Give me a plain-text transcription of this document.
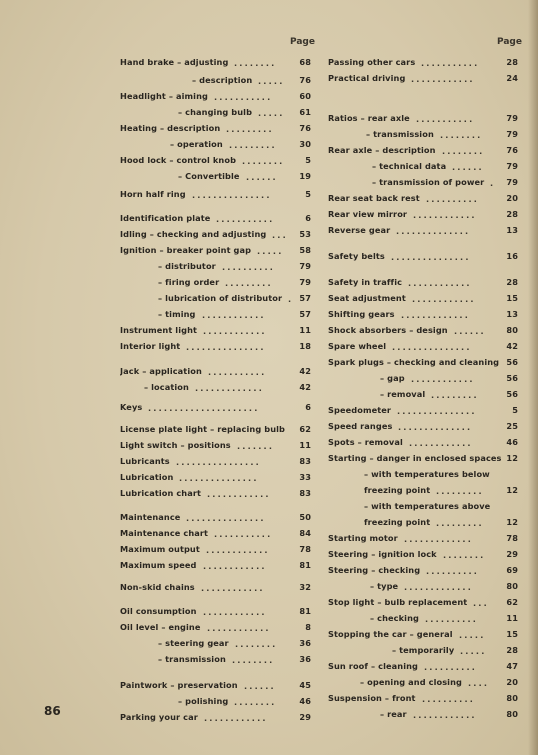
Page	Page
Hand brake – adjusting	68
........
– description	76
.....
Headlight – aiming	60
...........
– changing bulb	61
.....
Heating – description	76
.........
– operation	30
.........
Hood lock – control knob	5
........
– Convertible	19
......
Horn half ring	5
...............
Identification plate	6
...........
Idling – checking and adjusting	53
...
Ignition – breaker point gap	58
.....
– distributor	79
..........
– firing order	79
.........
– lubrication of distributor 57
.
– timing	57
............
Instrument light	11
............
Interior light	18
...............
Jack – application	42
...........
– location	42
.............
Keys	6
.....................
License plate light – replacing bulb 62
Light switch – positions	11
.......
Lubricants	83
................
Lubrication	33
...............
Lubrication chart	83
............
Maintenance	50
...............
Maintenance chart	84
...........
Maximum output	78
............
Maximum speed	81
............
Non-skid chains	32
............
Oil consumption	81
............
Oil level – engine	8
............
– steering gear	36
........
– transmission	36
........
Paintwork – preservation	45
......
– polishing	46
........
Parking your car	29
............
Passing other cars	28
...........
Practical driving	24
............
Ratios – rear axle	79
...........
– transmission	79
........
Rear axle – description	76
........
– technical data	79
......
– transmission of power	79
.
Rear seat back rest	20
..........
Rear view mirror	28
............
Reverse gear	13
..............
Safety belts	16
...............
Safety in traffic	28
............
Seat adjustment	15
............
Shifting gears	13
.............
Shock absorbers – design	80
......
Spare wheel	42
...............
Spark plugs – checking and cleaning 56
– gap	56
............
– removal	56
.........
Speedometer	5
...............
Speed ranges	25
..............
Spots – removal	46
............
Starting – danger in enclosed spaces 12
– with temperatures below
freezing point	12
.........
– with temperatures above
freezing point	12
.........
Starting motor	78
.............
Steering – ignition lock	29
........
Steering – checking	69
..........
– type	80
.............
Stop light – bulb replacement	62
...
– checking	11
..........
Stopping the car – general	15
.....
– temporarily	28
.....
Sun roof – cleaning	47
..........
– opening and closing	20
....
Suspension – front	80
..........
– rear	80
............
86
